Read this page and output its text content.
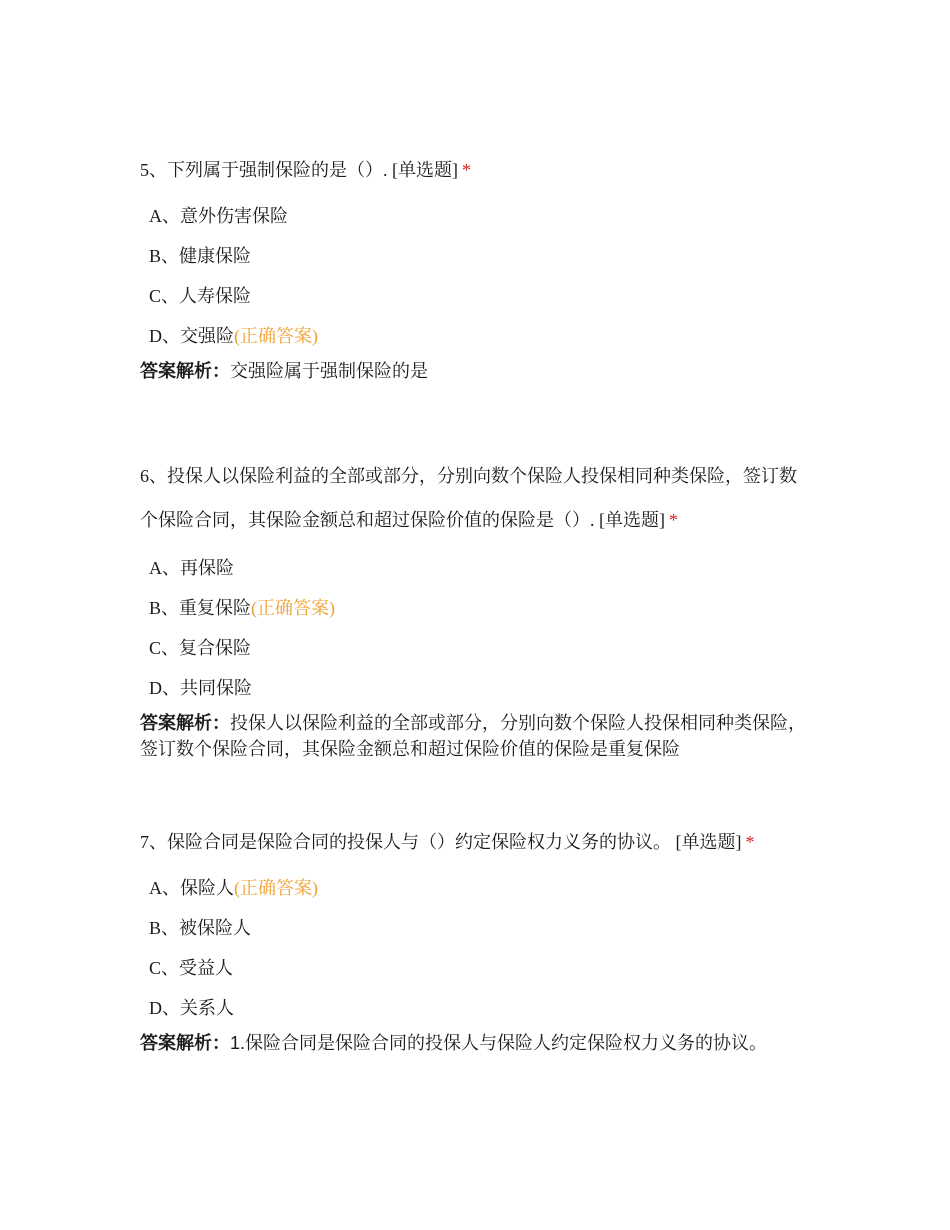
5、下列属于强制保险的是（）. [单选题] *

A、意外伤害保险
B、健康保险
C、人寿保险
D、交强险(正确答案)
答案解析：交强险属于强制保险的是

6、投保人以保险利益的全部或部分，分别向数个保险人投保相同种类保险，签订数个保险合同，其保险金额总和超过保险价值的保险是（）. [单选题] *

A、再保险
B、重复保险(正确答案)
C、复合保险
D、共同保险
答案解析：投保人以保险利益的全部或部分，分别向数个保险人投保相同种类保险，签订数个保险合同，其保险金额总和超过保险价值的保险是重复保险

7、保险合同是保险合同的投保人与（）约定保险权力义务的协议。 [单选题] *

A、保险人(正确答案)
B、被保险人
C、受益人
D、关系人
答案解析：1.保险合同是保险合同的投保人与保险人约定保险权力义务的协议。
